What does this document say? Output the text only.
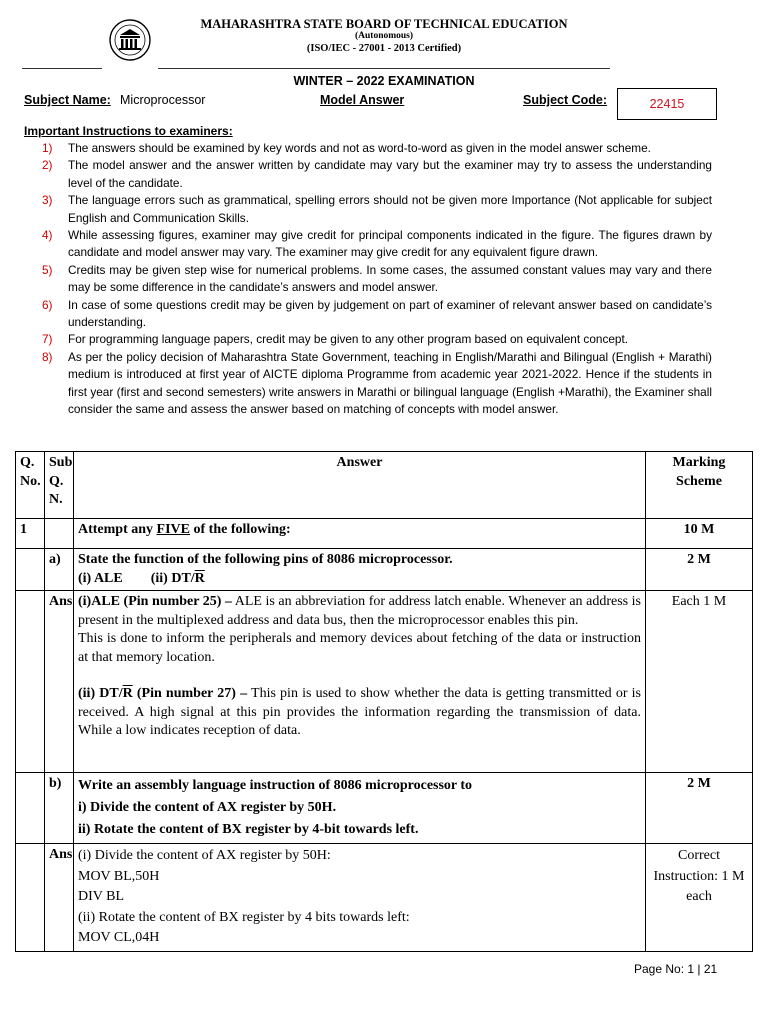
MAHARASHTRA STATE BOARD OF TECHNICAL EDUCATION
(Autonomous)
(ISO/IEC - 27001 - 2013 Certified)
WINTER – 2022 EXAMINATION
Subject Name: Microprocessor	Model Answer	Subject Code:	22415
Important Instructions to examiners:
1) The answers should be examined by key words and not as word-to-word as given in the model answer scheme.
2) The model answer and the answer written by candidate may vary but the examiner may try to assess the understanding level of the candidate.
3) The language errors such as grammatical, spelling errors should not be given more Importance (Not applicable for subject English and Communication Skills.
4) While assessing figures, examiner may give credit for principal components indicated in the figure. The figures drawn by candidate and model answer may vary. The examiner may give credit for any equivalent figure drawn.
5) Credits may be given step wise for numerical problems. In some cases, the assumed constant values may vary and there may be some difference in the candidate’s answers and model answer.
6) In case of some questions credit may be given by judgement on part of examiner of relevant answer based on candidate’s understanding.
7) For programming language papers, credit may be given to any other program based on equivalent concept.
8) As per the policy decision of Maharashtra State Government, teaching in English/Marathi and Bilingual (English + Marathi) medium is introduced at first year of AICTE diploma Programme from academic year 2021-2022. Hence if the students in first year (first and second semesters) write answers in Marathi or bilingual language (English +Marathi), the Examiner shall consider the same and assess the answer based on matching of concepts with model answer.
Q. No.	Sub Q. N.	Answer	Marking Scheme
1		Attempt any FIVE of the following:	10 M
	a)	State the function of the following pins of 8086 microprocessor.
(i) ALE        (ii) $DT/\overline{R}$	2 M
	Ans	(i)ALE (Pin number 25) – ALE is an abbreviation for address latch enable. Whenever an address is present in the multiplexed address and data bus, then the microprocessor enables this pin.
This is done to inform the peripherals and memory devices about fetching of the data or instruction at that memory location.
(ii) $DT/\overline{R}$ (Pin number 27) – This pin is used to show whether the data is getting transmitted or is received. A high signal at this pin provides the information regarding the transmission of data. While a low indicates reception of data.	Each 1 M
	b)	Write an assembly language instruction of 8086 microprocessor to
i) Divide the content of AX register by 50H.
ii) Rotate the content of BX register by 4-bit towards left.	2 M
	Ans	(i) Divide the content of AX register by 50H:
MOV BL,50H
DIV BL
(ii) Rotate the content of BX register by 4 bits towards left:
MOV CL,04H	Correct Instruction: 1 M each
Page No: 1 | 21
